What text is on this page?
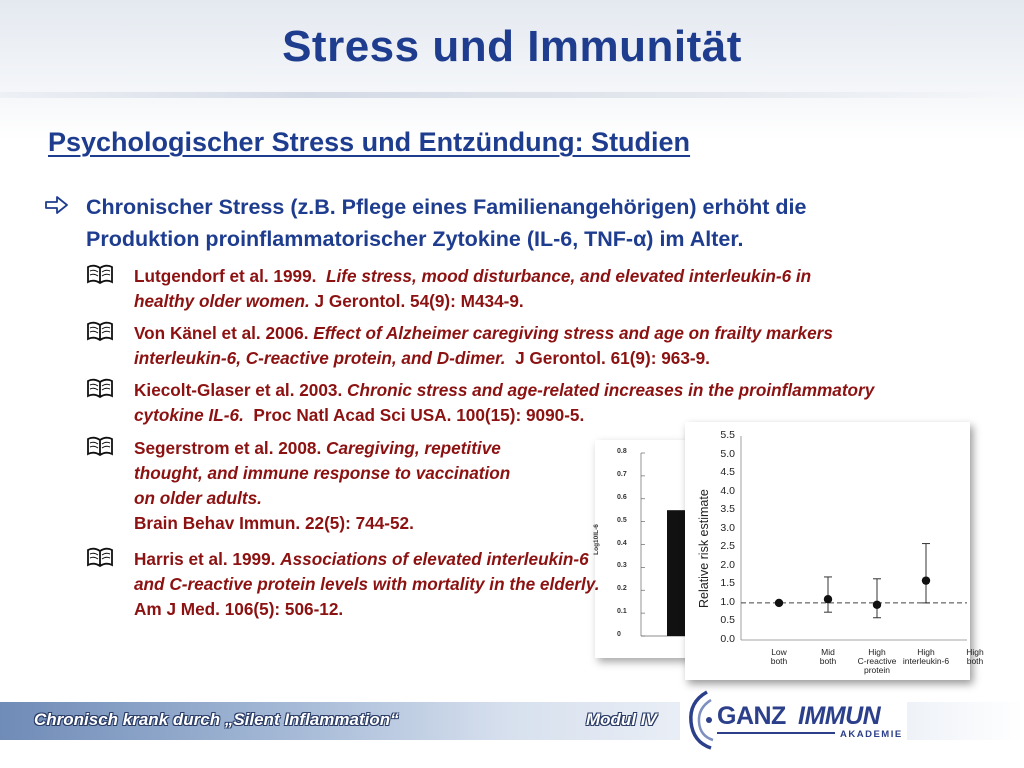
Stress und Immunität
Psychologischer Stress und Entzündung: Studien
Chronischer Stress (z.B. Pflege eines Familienangehörigen) erhöht die
Produktion proinflammatorischer Zytokine (IL-6, TNF-α) im Alter.
Lutgendorf et al. 1999. Life stress, mood disturbance, and elevated interleukin-6 in
healthy older women. J Gerontol. 54(9): M434-9.
Von Känel et al. 2006. Effect of Alzheimer caregiving stress and age on frailty markers
interleukin-6, C-reactive protein, and D-dimer. J Gerontol. 61(9): 963-9.
Kiecolt-Glaser et al. 2003. Chronic stress and age-related increases in the proinflammatory
cytokine IL-6. Proc Natl Acad Sci USA. 100(15): 9090-5.
0
0.1
0.2
0.3
0.4
0.5
0.6
0.7
0.8
Log10IL-6
Segerstrom et al. 2008. Caregiving, repetitive
thought, and immune response to vaccination
on older adults.
Brain Behav Immun. 22(5): 744-52.
Harris et al. 1999. Associations of elevated interleukin-6
and C-reactive protein levels with mortality in the elderly.
Am J Med. 106(5): 506-12.
0.0
0.5
1.0
1.5
2.0
2.5
3.0
3.5
4.0
4.5
5.0
5.5
Relative risk estimate
Low
both
Mid
both
High
C-reactive
protein
High
interleukin-6
High
both
Chronisch krank durch „Silent Inflammation“	Modul IV GANZ IMMUN
AKADEMIE
